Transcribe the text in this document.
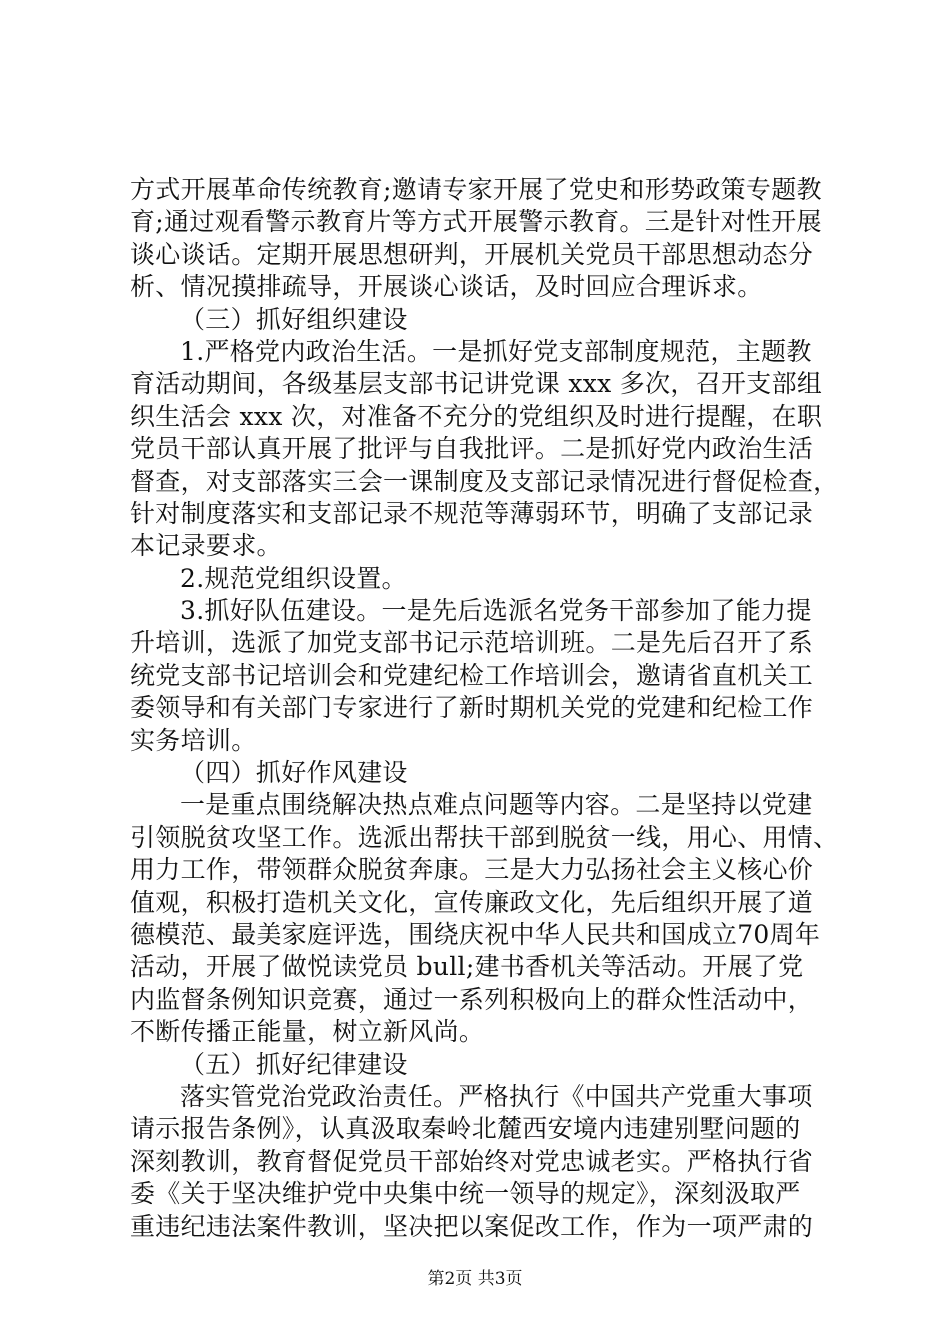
方式开展革命传统教育;邀请专家开展了党史和形势政策专题教
育;通过观看警示教育片等方式开展警示教育。三是针对性开展
谈心谈话。定期开展思想研判，开展机关党员干部思想动态分
析、情况摸排疏导，开展谈心谈话，及时回应合理诉求。
（三）抓好组织建设
1.严格党内政治生活。一是抓好党支部制度规范，主题教
育活动期间，各级基层支部书记讲党课 xxx 多次，召开支部组
织生活会 xxx 次，对准备不充分的党组织及时进行提醒，在职
党员干部认真开展了批评与自我批评。二是抓好党内政治生活
督查，对支部落实三会一课制度及支部记录情况进行督促检查，
针对制度落实和支部记录不规范等薄弱环节，明确了支部记录
本记录要求。
2.规范党组织设置。
3.抓好队伍建设。一是先后选派名党务干部参加了能力提
升培训，选派了加党支部书记示范培训班。二是先后召开了系
统党支部书记培训会和党建纪检工作培训会，邀请省直机关工
委领导和有关部门专家进行了新时期机关党的党建和纪检工作
实务培训。
（四）抓好作风建设
一是重点围绕解决热点难点问题等内容。二是坚持以党建
引领脱贫攻坚工作。选派出帮扶干部到脱贫一线，用心、用情、
用力工作，带领群众脱贫奔康。三是大力弘扬社会主义核心价
值观，积极打造机关文化，宣传廉政文化，先后组织开展了道
德模范、最美家庭评选，围绕庆祝中华人民共和国成立70周年
活动，开展了做悦读党员 bull;建书香机关等活动。开展了党
内监督条例知识竞赛，通过一系列积极向上的群众性活动中，
不断传播正能量，树立新风尚。
（五）抓好纪律建设
落实管党治党政治责任。严格执行《中国共产党重大事项
请示报告条例》，认真汲取秦岭北麓西安境内违建别墅问题的
深刻教训，教育督促党员干部始终对党忠诚老实。严格执行省
委《关于坚决维护党中央集中统一领导的规定》，深刻汲取严
重违纪违法案件教训，坚决把以案促改工作，作为一项严肃的
第2页 共3页
